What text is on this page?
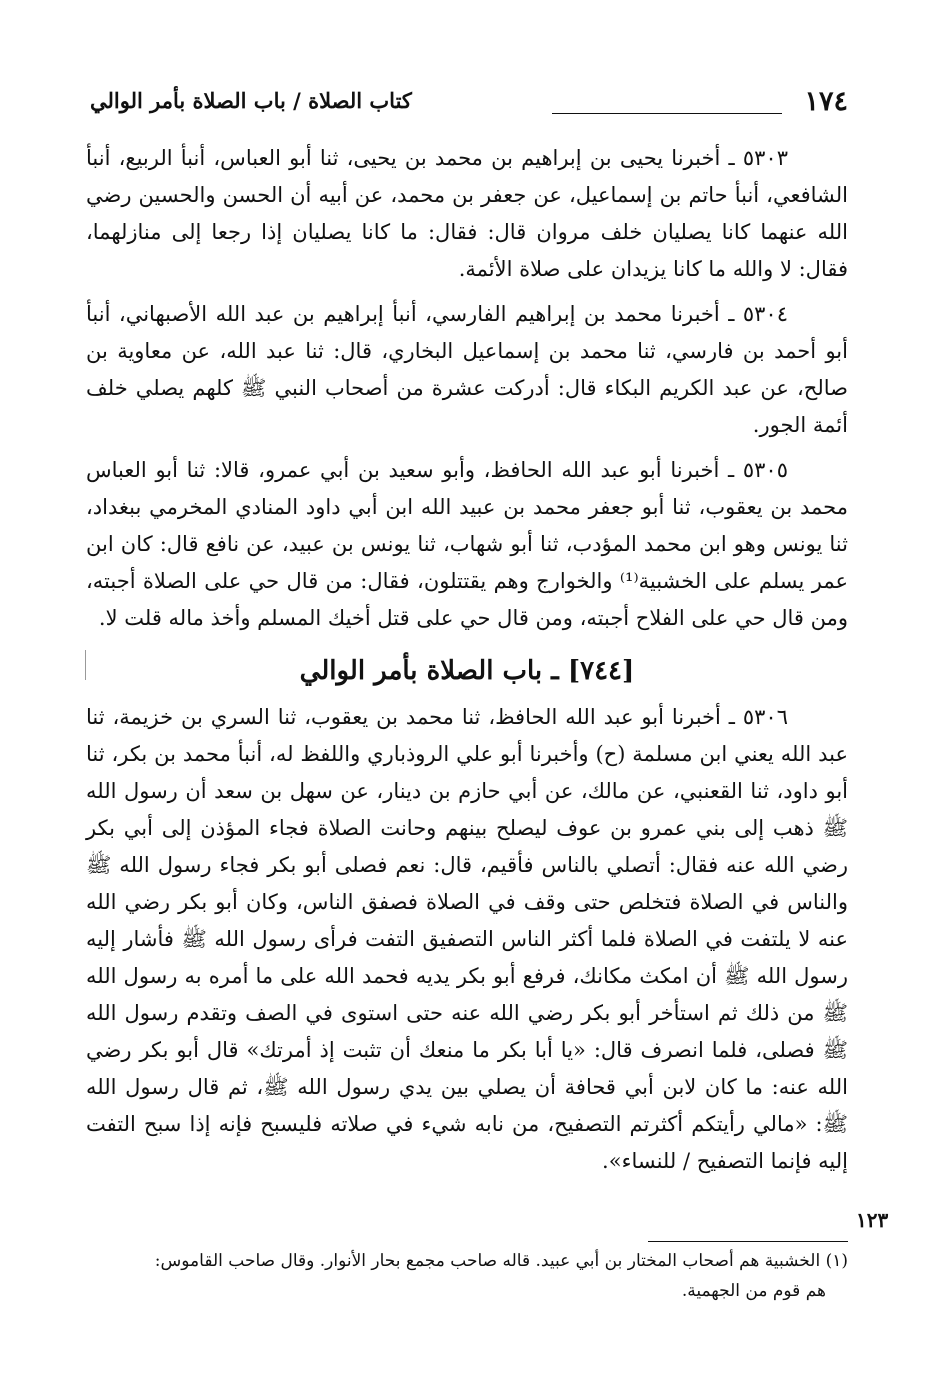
١٧٤
كتاب الصلاة / باب الصلاة بأمر الوالي

٥٣٠٣ ـ أخبرنا يحيى بن إبراهيم بن محمد بن يحيى، ثنا أبو العباس، أنبأ الربيع، أنبأ الشافعي، أنبأ حاتم بن إسماعيل، عن جعفر بن محمد، عن أبيه أن الحسن والحسين رضي الله عنهما كانا يصليان خلف مروان قال: فقال: ما كانا يصليان إذا رجعا إلى منازلهما، فقال: لا والله ما كانا يزيدان على صلاة الأئمة.

٥٣٠٤ ـ أخبرنا محمد بن إبراهيم الفارسي، أنبأ إبراهيم بن عبد الله الأصبهاني، أنبأ أبو أحمد بن فارسي، ثنا محمد بن إسماعيل البخاري، قال: ثنا عبد الله، عن معاوية بن صالح، عن عبد الكريم البكاء قال: أدركت عشرة من أصحاب النبي ﷺ كلهم يصلي خلف أئمة الجور.

٥٣٠٥ ـ أخبرنا أبو عبد الله الحافظ، وأبو سعيد بن أبي عمرو، قالا: ثنا أبو العباس محمد بن يعقوب، ثنا أبو جعفر محمد بن عبيد الله ابن أبي داود المنادي المخرمي ببغداد، ثنا يونس وهو ابن محمد المؤدب، ثنا أبو شهاب، ثنا يونس بن عبيد، عن نافع قال: كان ابن عمر يسلم على الخشبية⁽¹⁾ والخوارج وهم يقتتلون، فقال: من قال حي على الصلاة أجبته، ومن قال حي على الفلاح أجبته، ومن قال حي على قتل أخيك المسلم وأخذ ماله قلت لا.

[٧٤٤] ـ باب الصلاة بأمر الوالي

٥٣٠٦ ـ أخبرنا أبو عبد الله الحافظ، ثنا محمد بن يعقوب، ثنا السري بن خزيمة، ثنا عبد الله يعني ابن مسلمة (ح) وأخبرنا أبو علي الروذباري واللفظ له، أنبأ محمد بن بكر، ثنا أبو داود، ثنا القعنبي، عن مالك، عن أبي حازم بن دينار، عن سهل بن سعد أن رسول الله ﷺ ذهب إلى بني عمرو بن عوف ليصلح بينهم وحانت الصلاة فجاء المؤذن إلى أبي بكر رضي الله عنه فقال: أتصلي بالناس فأقيم، قال: نعم فصلى أبو بكر فجاء رسول الله ﷺ والناس في الصلاة فتخلص حتى وقف في الصلاة فصفق الناس، وكان أبو بكر رضي الله عنه لا يلتفت في الصلاة فلما أكثر الناس التصفيق التفت فرأى رسول الله ﷺ فأشار إليه رسول الله ﷺ أن امكث مكانك، فرفع أبو بكر يديه فحمد الله على ما أمره به رسول الله ﷺ من ذلك ثم استأخر أبو بكر رضي الله عنه حتى استوى في الصف وتقدم رسول الله ﷺ فصلى، فلما انصرف قال: «يا أبا بكر ما منعك أن تثبت إذ أمرتك» قال أبو بكر رضي الله عنه: ما كان لابن أبي قحافة أن يصلي بين يدي رسول الله ﷺ، ثم قال رسول الله ﷺ: «مالي رأيتكم أكثرتم التصفيح، من نابه شيء في صلاته فليسبح فإنه إذا سبح التفت إليه فإنما التصفيح / للنساء».

١٢٣

(١) الخشبية هم أصحاب المختار بن أبي عبيد. قاله صاحب مجمع بحار الأنوار. وقال صاحب القاموس:

هم قوم من الجهمية.
